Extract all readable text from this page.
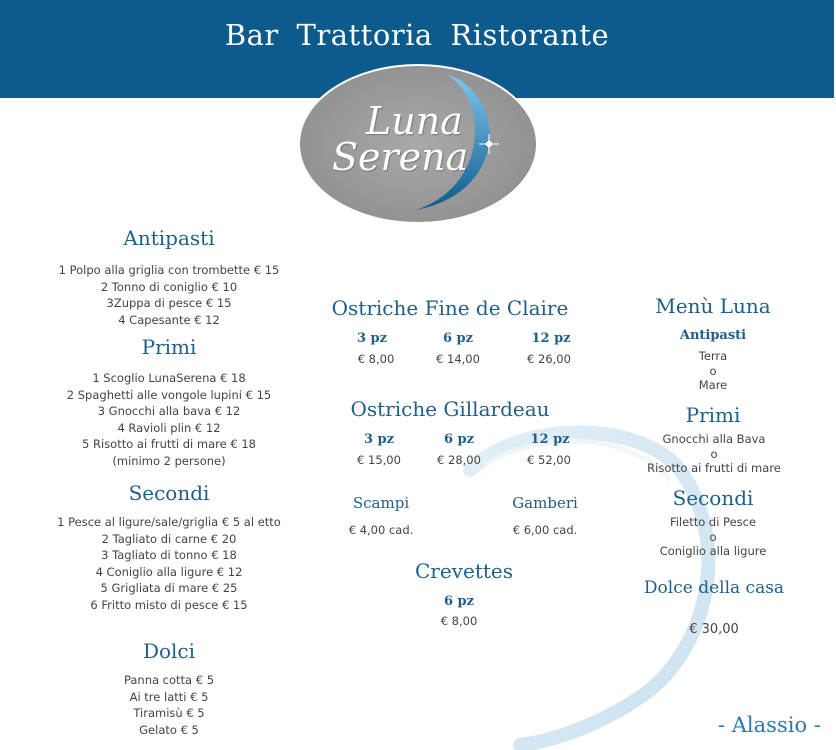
Bar Trattoria Ristorante
Luna
Serena
Antipasti
1 Polpo alla griglia con trombette € 15
2 Tonno di coniglio € 10
3Zuppa di pesce € 15
4 Capesante € 12
Primi
1 Scoglio LunaSerena € 18
2 Spaghetti alle vongole lupini € 15
3 Gnocchi alla bava € 12
4 Ravioli plin € 12
5 Risotto ai frutti di mare € 18
(minimo 2 persone)
Secondi
1 Pesce al ligure/sale/griglia € 5 al etto
2 Tagliato di carne € 20
3 Tagliato di tonno € 18
4 Coniglio alla ligure € 12
5 Grigliata di mare € 25
6 Fritto misto di pesce € 15
Dolci
Panna cotta € 5
Ai tre latti € 5
Tiramisù € 5
Gelato € 5
Ostriche Fine de Claire
3 pz	6 pz	12 pz
€ 8,00	€ 14,00	€ 26,00
Ostriche Gillardeau
3 pz	6 pz	12 pz
€ 15,00	€ 28,00	€ 52,00
Scampi
€ 4,00 cad.
Gamberi
€ 6,00 cad.
Crevettes
6 pz
€ 8,00
Menù Luna
Antipasti
Terra
o
Mare
Primi
Gnocchi alla Bava
o
Risotto ai frutti di mare
Secondi
Filetto di Pesce
o
Coniglio alla ligure
Dolce della casa
€ 30,00
- Alassio -
